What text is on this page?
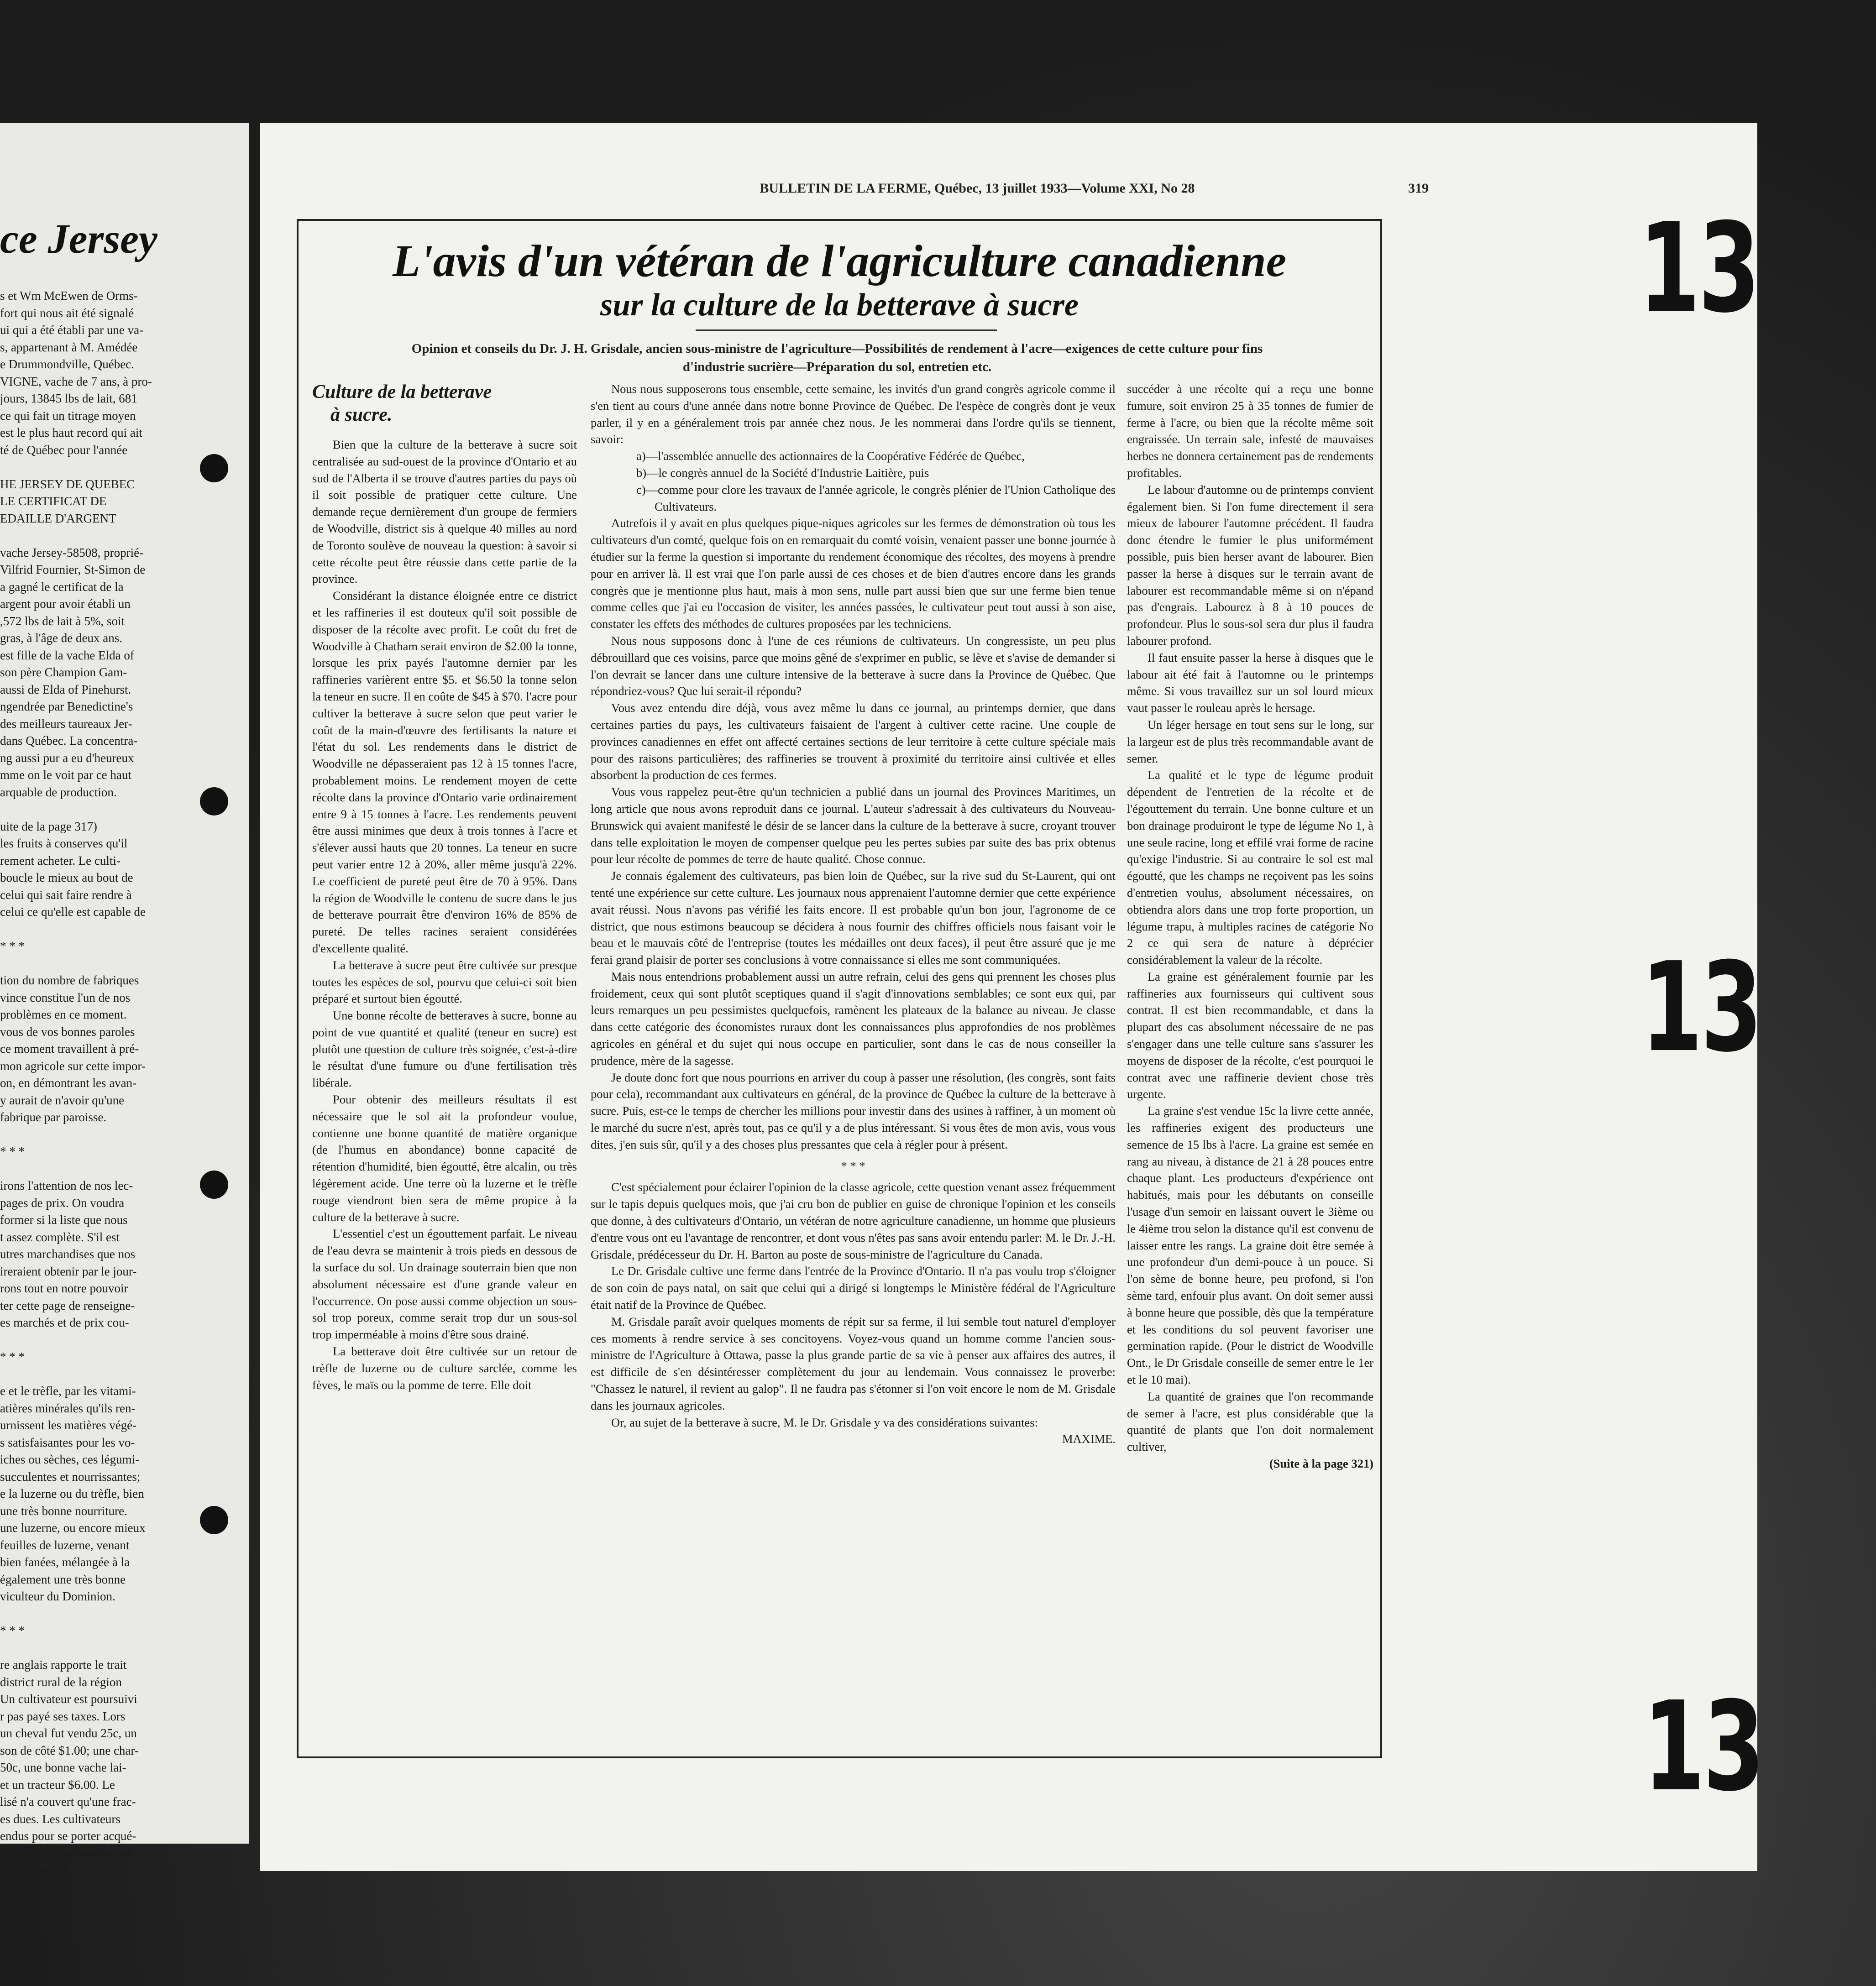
ce Jersey
s et Wm McEwen de Orms-
fort qui nous ait été signalé
ui qui a été établi par une va-
s, appartenant à M. Amédée
e Drummondville, Québec.
VIGNE, vache de 7 ans, à pro-
jours, 13845 lbs de lait, 681
ce qui fait un titrage moyen
est le plus haut record qui ait
té de Québec pour l'année

HE JERSEY DE QUEBEC
LE CERTIFICAT DE
EDAILLE D'ARGENT

vache Jersey-58508, proprié-
Vilfrid Fournier, St-Simon de
a gagné le certificat de la
argent pour avoir établi un
,572 lbs de lait à 5%, soit
gras, à l'âge de deux ans.
est fille de la vache Elda of
son père Champion Gam-
aussi de Elda of Pinehurst.
ngendrée par Benedictine's
des meilleurs taureaux Jer-
dans Québec. La concentra-
ng aussi pur a eu d'heureux
mme on le voit par ce haut
arquable de production.

uite de la page 317)
les fruits à conserves qu'il
rement acheter. Le culti-
boucle le mieux au bout de
celui qui sait faire rendre à
celui ce qu'elle est capable de

* * *

tion du nombre de fabriques
vince constitue l'un de nos
problèmes en ce moment.
vous de vos bonnes paroles
ce moment travaillent à pré-
mon agricole sur cette impor-
on, en démontrant les avan-
y aurait de n'avoir qu'une
fabrique par paroisse.

* * *

irons l'attention de nos lec-
pages de prix. On voudra
former si la liste que nous
t assez complète. S'il est
utres marchandises que nos
ireraient obtenir par le jour-
rons tout en notre pouvoir
ter cette page de renseigne-
es marchés et de prix cou-

* * *

e et le trèfle, par les vitami-
atières minérales qu'ils ren-
urnissent les matières végé-
s satisfaisantes pour les vo-
iches ou sèches, ces légumi-
succulentes et nourrissantes;
e la luzerne ou du trèfle, bien
une très bonne nourriture.
une luzerne, ou encore mieux
feuilles de luzerne, venant
bien fanées, mélangée à la
également une très bonne
viculteur du Dominion.

* * *

re anglais rapporte le trait
district rural de la région
Un cultivateur est poursuivi
r pas payé ses taxes. Lors
un cheval fut vendu 25c, un
son de côté $1.00; une char-
50c, une bonne vache lai-
et un tracteur $6.00. Le
lisé n'a couvert qu'une frac-
es dues. Les cultivateurs
endus pour se porter acqué-
ts saisis, et remirent le tout
yen poursuivi.

F. P.
BULLETIN DE LA FERME, Québec, 13 juillet 1933—Volume XXI, No 28	319
L'avis d'un vétéran de l'agriculture canadienne
sur la culture de la betterave à sucre
Opinion et conseils du Dr. J. H. Grisdale, ancien sous-ministre de l'agriculture—Possibilités de rendement à l'acre—exigences de cette culture pour fins d'industrie sucrière—Préparation du sol, entretien etc.

Culture de la betterave
à sucre.

Bien que la culture de la betterave à sucre soit centralisée au sud-ouest de la province d'Ontario et au sud de l'Alberta il se trouve d'autres parties du pays où il soit possible de pratiquer cette culture. Une demande reçue dernièrement d'un groupe de fermiers de Woodville, district sis à quelque 40 milles au nord de Toronto soulève de nouveau la question: à savoir si cette récolte peut être réussie dans cette partie de la province.

Considérant la distance éloignée entre ce district et les raffineries il est douteux qu'il soit possible de disposer de la récolte avec profit. Le coût du fret de Woodville à Chatham serait environ de $2.00 la tonne, lorsque les prix payés l'automne dernier par les raffineries varièrent entre $5. et $6.50 la tonne selon la teneur en sucre. Il en coûte de $45 à $70. l'acre pour cultiver la betterave à sucre selon que peut varier le coût de la main-d'œuvre des fertilisants la nature et l'état du sol. Les rendements dans le district de Woodville ne dépasseraient pas 12 à 15 tonnes l'acre, probablement moins. Le rendement moyen de cette récolte dans la province d'Ontario varie ordinairement entre 9 à 15 tonnes à l'acre. Les rendements peuvent être aussi minimes que deux à trois tonnes à l'acre et s'élever aussi hauts que 20 tonnes. La teneur en sucre peut varier entre 12 à 20%, aller même jusqu'à 22%. Le coefficient de pureté peut être de 70 à 95%. Dans la région de Woodville le contenu de sucre dans le jus de betterave pourrait être d'environ 16% de 85% de pureté. De telles racines seraient considérées d'excellente qualité.

La betterave à sucre peut être cultivée sur presque toutes les espèces de sol, pourvu que celui-ci soit bien préparé et surtout bien égoutté.

Une bonne récolte de betteraves à sucre, bonne au point de vue quantité et qualité (teneur en sucre) est plutôt une question de culture très soignée, c'est-à-dire le résultat d'une fumure ou d'une fertilisation très libérale.

Pour obtenir des meilleurs résultats il est nécessaire que le sol ait la profondeur voulue, contienne une bonne quantité de matière organique (de l'humus en abondance) bonne capacité de rétention d'humidité, bien égoutté, être alcalin, ou très légèrement acide. Une terre où la luzerne et le trèfle rouge viendront bien sera de même propice à la culture de la betterave à sucre.

L'essentiel c'est un égouttement parfait. Le niveau de l'eau devra se maintenir à trois pieds en dessous de la surface du sol. Un drainage souterrain bien que non absolument nécessaire est d'une grande valeur en l'occurrence. On pose aussi comme objection un sous-sol trop poreux, comme serait trop dur un sous-sol trop imperméable à moins d'être sous drainé.

La betterave doit être cultivée sur un retour de trèfle de luzerne ou de culture sarclée, comme les fèves, le maïs ou la pomme de terre. Elle doit

Nous nous supposerons tous ensemble, cette semaine, les invités d'un grand congrès agricole comme il s'en tient au cours d'une année dans notre bonne Province de Québec. De l'espèce de congrès dont je veux parler, il y en a généralement trois par année chez nous. Je les nommerai dans l'ordre qu'ils se tiennent, savoir:

a)—l'assemblée annuelle des actionnaires de la Coopérative Fédérée de Québec,
b)—le congrès annuel de la Société d'Industrie Laitière, puis
c)—comme pour clore les travaux de l'année agricole, le congrès plénier de l'Union Catholique des Cultivateurs.

Autrefois il y avait en plus quelques pique-niques agricoles sur les fermes de démonstration où tous les cultivateurs d'un comté, quelque fois on en remarquait du comté voisin, venaient passer une bonne journée à étudier sur la ferme la question si importante du rendement économique des récoltes, des moyens à prendre pour en arriver là. Il est vrai que l'on parle aussi de ces choses et de bien d'autres encore dans les grands congrès que je mentionne plus haut, mais à mon sens, nulle part aussi bien que sur une ferme bien tenue comme celles que j'ai eu l'occasion de visiter, les années passées, le cultivateur peut tout aussi à son aise, constater les effets des méthodes de cultures proposées par les techniciens.

Nous nous supposons donc à l'une de ces réunions de cultivateurs. Un congressiste, un peu plus débrouillard que ces voisins, parce que moins gêné de s'exprimer en public, se lève et s'avise de demander si l'on devrait se lancer dans une culture intensive de la betterave à sucre dans la Province de Québec. Que répondriez-vous? Que lui serait-il répondu?

Vous avez entendu dire déjà, vous avez même lu dans ce journal, au printemps dernier, que dans certaines parties du pays, les cultivateurs faisaient de l'argent à cultiver cette racine. Une couple de provinces canadiennes en effet ont affecté certaines sections de leur territoire à cette culture spéciale mais pour des raisons particulières; des raffineries se trouvent à proximité du territoire ainsi cultivée et elles absorbent la production de ces fermes.

Vous vous rappelez peut-être qu'un technicien a publié dans un journal des Provinces Maritimes, un long article que nous avons reproduit dans ce journal. L'auteur s'adressait à des cultivateurs du Nouveau-Brunswick qui avaient manifesté le désir de se lancer dans la culture de la betterave à sucre, croyant trouver dans telle exploitation le moyen de compenser quelque peu les pertes subies par suite des bas prix obtenus pour leur récolte de pommes de terre de haute qualité. Chose connue.

Je connais également des cultivateurs, pas bien loin de Québec, sur la rive sud du St-Laurent, qui ont tenté une expérience sur cette culture. Les journaux nous apprenaient l'automne dernier que cette expérience avait réussi. Nous n'avons pas vérifié les faits encore. Il est probable qu'un bon jour, l'agronome de ce district, que nous estimons beaucoup se décidera à nous fournir des chiffres officiels nous faisant voir le beau et le mauvais côté de l'entreprise (toutes les médailles ont deux faces), il peut être assuré que je me ferai grand plaisir de porter ses conclusions à votre connaissance si elles me sont communiquées.

Mais nous entendrions probablement aussi un autre refrain, celui des gens qui prennent les choses plus froidement, ceux qui sont plutôt sceptiques quand il s'agit d'innovations semblables; ce sont eux qui, par leurs remarques un peu pessimistes quelquefois, ramènent les plateaux de la balance au niveau. Je classe dans cette catégorie des économistes ruraux dont les connaissances plus approfondies de nos problèmes agricoles en général et du sujet qui nous occupe en particulier, sont dans le cas de nous conseiller la prudence, mère de la sagesse.

Je doute donc fort que nous pourrions en arriver du coup à passer une résolution, (les congrès, sont faits pour cela), recommandant aux cultivateurs en général, de la province de Québec la culture de la betterave à sucre. Puis, est-ce le temps de chercher les millions pour investir dans des usines à raffiner, à un moment où le marché du sucre n'est, après tout, pas ce qu'il y a de plus intéressant. Si vous êtes de mon avis, vous vous dites, j'en suis sûr, qu'il y a des choses plus pressantes que cela à régler pour à présent.

* * *

C'est spécialement pour éclairer l'opinion de la classe agricole, cette question venant assez fréquemment sur le tapis depuis quelques mois, que j'ai cru bon de publier en guise de chronique l'opinion et les conseils que donne, à des cultivateurs d'Ontario, un vétéran de notre agriculture canadienne, un homme que plusieurs d'entre vous ont eu l'avantage de rencontrer, et dont vous n'êtes pas sans avoir entendu parler: M. le Dr. J.-H. Grisdale, prédécesseur du Dr. H. Barton au poste de sous-ministre de l'agriculture du Canada.

Le Dr. Grisdale cultive une ferme dans l'entrée de la Province d'Ontario. Il n'a pas voulu trop s'éloigner de son coin de pays natal, on sait que celui qui a dirigé si longtemps le Ministère fédéral de l'Agriculture était natif de la Province de Québec.

M. Grisdale paraît avoir quelques moments de répit sur sa ferme, il lui semble tout naturel d'employer ces moments à rendre service à ses concitoyens. Voyez-vous quand un homme comme l'ancien sous-ministre de l'Agriculture à Ottawa, passe la plus grande partie de sa vie à penser aux affaires des autres, il est difficile de s'en désintéresser complètement du jour au lendemain. Vous connaissez le proverbe: "Chassez le naturel, il revient au galop". Il ne faudra pas s'étonner si l'on voit encore le nom de M. Grisdale dans les journaux agricoles.

Or, au sujet de la betterave à sucre, M. le Dr. Grisdale y va des considérations suivantes:

MAXIME.

succéder à une récolte qui a reçu une bonne fumure, soit environ 25 à 35 tonnes de fumier de ferme à l'acre, ou bien que la récolte même soit engraissée. Un terrain sale, infesté de mauvaises herbes ne donnera certainement pas de rendements profitables.

Le labour d'automne ou de printemps convient également bien. Si l'on fume directement il sera mieux de labourer l'automne précédent. Il faudra donc étendre le fumier le plus uniformément possible, puis bien herser avant de labourer. Bien passer la herse à disques sur le terrain avant de labourer est recommandable même si on n'épand pas d'engrais. Labourez à 8 à 10 pouces de profondeur. Plus le sous-sol sera dur plus il faudra labourer profond.

Il faut ensuite passer la herse à disques que le labour ait été fait à l'automne ou le printemps même. Si vous travaillez sur un sol lourd mieux vaut passer le rouleau après le hersage.

Un léger hersage en tout sens sur le long, sur la largeur est de plus très recommandable avant de semer.

La qualité et le type de légume produit dépendent de l'entretien de la récolte et de l'égouttement du terrain. Une bonne culture et un bon drainage produiront le type de légume No 1, à une seule racine, long et effilé vrai forme de racine qu'exige l'industrie. Si au contraire le sol est mal égoutté, que les champs ne reçoivent pas les soins d'entretien voulus, absolument nécessaires, on obtiendra alors dans une trop forte proportion, un légume trapu, à multiples racines de catégorie No 2 ce qui sera de nature à déprécier considérablement la valeur de la récolte.

La graine est généralement fournie par les raffineries aux fournisseurs qui cultivent sous contrat. Il est bien recommandable, et dans la plupart des cas absolument nécessaire de ne pas s'engager dans une telle culture sans s'assurer les moyens de disposer de la récolte, c'est pourquoi le contrat avec une raffinerie devient chose très urgente.

La graine s'est vendue 15c la livre cette année, les raffineries exigent des producteurs une semence de 15 lbs à l'acre. La graine est semée en rang au niveau, à distance de 21 à 28 pouces entre chaque plant. Les producteurs d'expérience ont habitués, mais pour les débutants on conseille l'usage d'un semoir en laissant ouvert le 3ième ou le 4ième trou selon la distance qu'il est convenu de laisser entre les rangs. La graine doit être semée à une profondeur d'un demi-pouce à un pouce. Si l'on sème de bonne heure, peu profond, si l'on sème tard, enfouir plus avant. On doit semer aussi à bonne heure que possible, dès que la température et les conditions du sol peuvent favoriser une germination rapide. (Pour le district de Woodville Ont., le Dr Grisdale conseille de semer entre le 1er et le 10 mai).

La quantité de graines que l'on recommande de semer à l'acre, est plus considérable que la quantité de plants que l'on doit normalement cultiver,

(Suite à la page 321)

13
13
13
